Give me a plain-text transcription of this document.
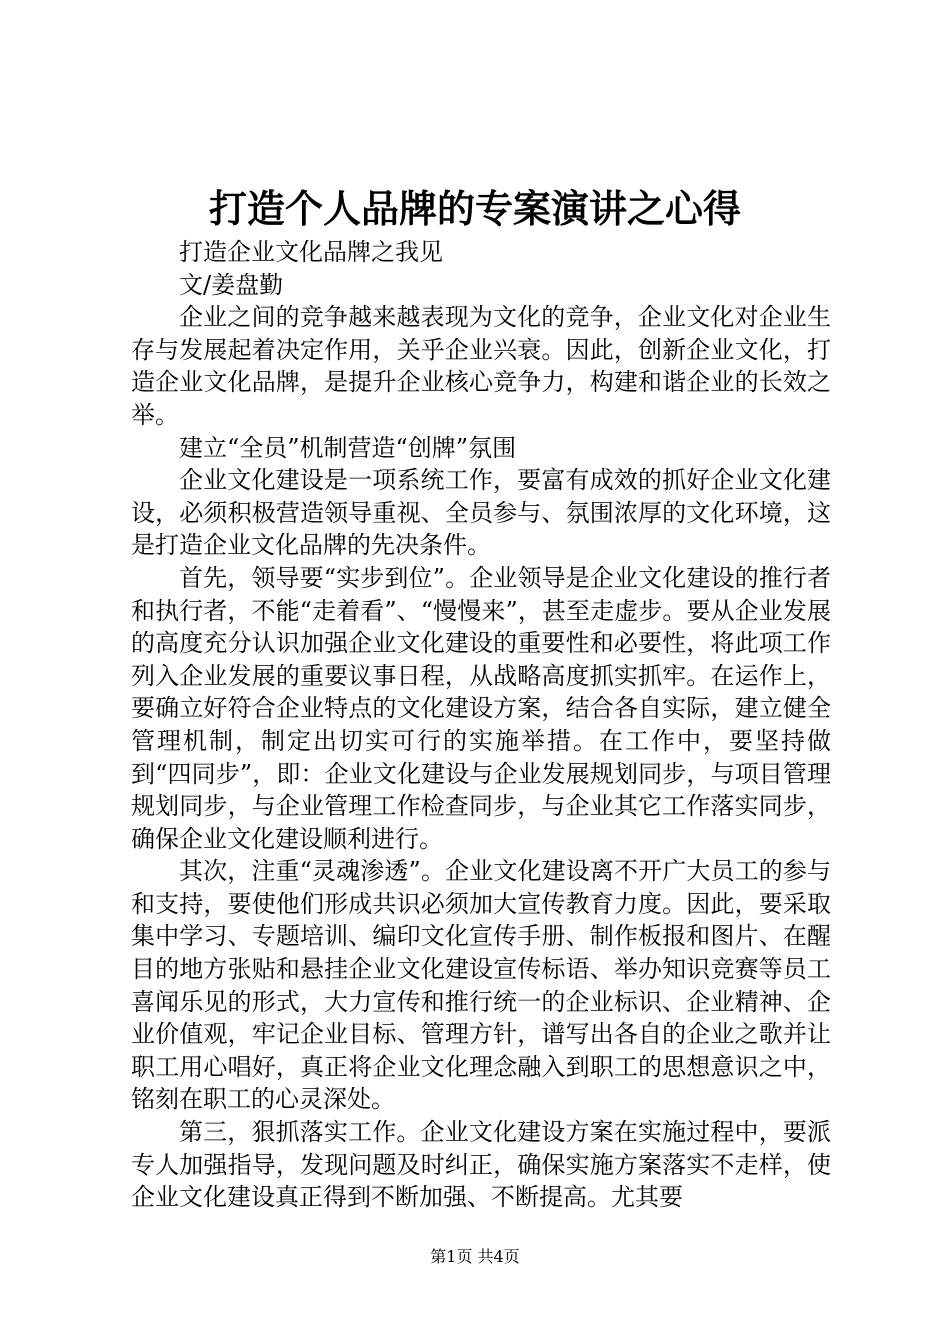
打造个人品牌的专案演讲之心得

打造企业文化品牌之我见

文/姜盘勤

企业之间的竞争越来越表现为文化的竞争，企业文化对企业生存与发展起着决定作用，关乎企业兴衰。因此，创新企业文化，打造企业文化品牌，是提升企业核心竞争力，构建和谐企业的长效之举。

建立“全员”机制营造“创牌”氛围

企业文化建设是一项系统工作，要富有成效的抓好企业文化建设，必须积极营造领导重视、全员参与、氛围浓厚的文化环境，这是打造企业文化品牌的先决条件。

首先，领导要“实步到位”。企业领导是企业文化建设的推行者和执行者，不能“走着看”、“慢慢来”，甚至走虚步。要从企业发展的高度充分认识加强企业文化建设的重要性和必要性，将此项工作列入企业发展的重要议事日程，从战略高度抓实抓牢。在运作上，要确立好符合企业特点的文化建设方案，结合各自实际，建立健全管理机制，制定出切实可行的实施举措。在工作中，要坚持做到“四同步”，即：企业文化建设与企业发展规划同步，与项目管理规划同步，与企业管理工作检查同步，与企业其它工作落实同步，确保企业文化建设顺利进行。

其次，注重“灵魂渗透”。企业文化建设离不开广大员工的参与和支持，要使他们形成共识必须加大宣传教育力度。因此，要采取集中学习、专题培训、编印文化宣传手册、制作板报和图片、在醒目的地方张贴和悬挂企业文化建设宣传标语、举办知识竞赛等员工喜闻乐见的形式，大力宣传和推行统一的企业标识、企业精神、企业价值观，牢记企业目标、管理方针，谱写出各自的企业之歌并让职工用心唱好，真正将企业文化理念融入到职工的思想意识之中，铭刻在职工的心灵深处。

第三，狠抓落实工作。企业文化建设方案在实施过程中，要派专人加强指导，发现问题及时纠正，确保实施方案落实不走样，使企业文化建设真正得到不断加强、不断提高。尤其要

第1页 共4页
